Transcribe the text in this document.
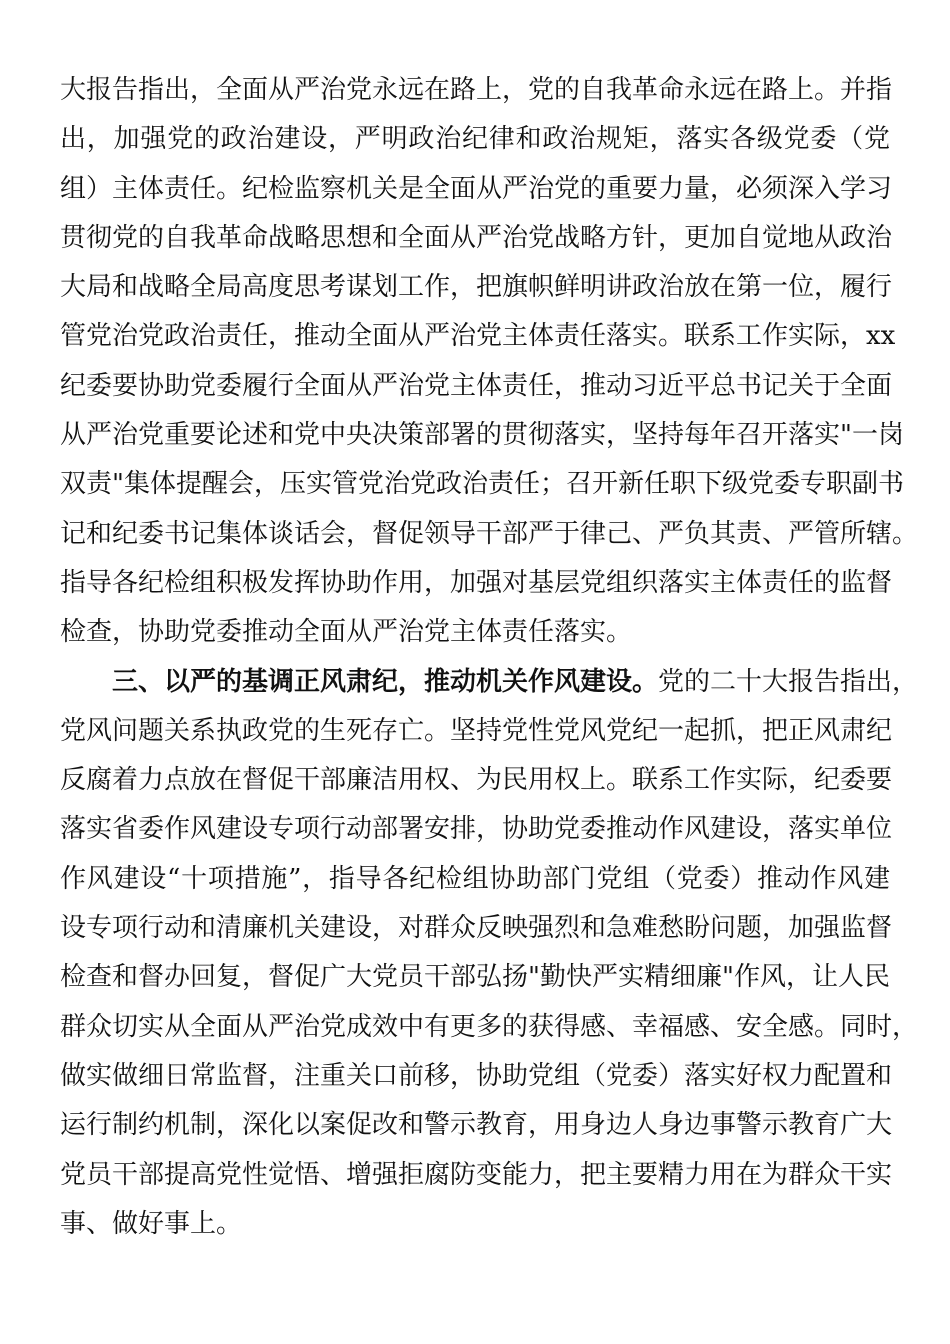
大报告指出，全面从严治党永远在路上，党的自我革命永远在路上。并指
出，加强党的政治建设，严明政治纪律和政治规矩，落实各级党委（党
组）主体责任。纪检监察机关是全面从严治党的重要力量，必须深入学习
贯彻党的自我革命战略思想和全面从严治党战略方针，更加自觉地从政治
大局和战略全局高度思考谋划工作，把旗帜鲜明讲政治放在第一位，履行
管党治党政治责任，推动全面从严治党主体责任落实。联系工作实际，xx
纪委要协助党委履行全面从严治党主体责任，推动习近平总书记关于全面
从严治党重要论述和党中央决策部署的贯彻落实，坚持每年召开落实"一岗
双责"集体提醒会，压实管党治党政治责任；召开新任职下级党委专职副书
记和纪委书记集体谈话会，督促领导干部严于律己、严负其责、严管所辖。
指导各纪检组积极发挥协助作用，加强对基层党组织落实主体责任的监督
检查，协助党委推动全面从严治党主体责任落实。
三、以严的基调正风肃纪，推动机关作风建设。党的二十大报告指出，
党风问题关系执政党的生死存亡。坚持党性党风党纪一起抓，把正风肃纪
反腐着力点放在督促干部廉洁用权、为民用权上。联系工作实际，纪委要
落实省委作风建设专项行动部署安排，协助党委推动作风建设，落实单位
作风建设“十项措施”，指导各纪检组协助部门党组（党委）推动作风建
设专项行动和清廉机关建设，对群众反映强烈和急难愁盼问题，加强监督
检查和督办回复，督促广大党员干部弘扬"勤快严实精细廉"作风，让人民
群众切实从全面从严治党成效中有更多的获得感、幸福感、安全感。同时，
做实做细日常监督，注重关口前移，协助党组（党委）落实好权力配置和
运行制约机制，深化以案促改和警示教育，用身边人身边事警示教育广大
党员干部提高党性觉悟、增强拒腐防变能力，把主要精力用在为群众干实
事、做好事上。
